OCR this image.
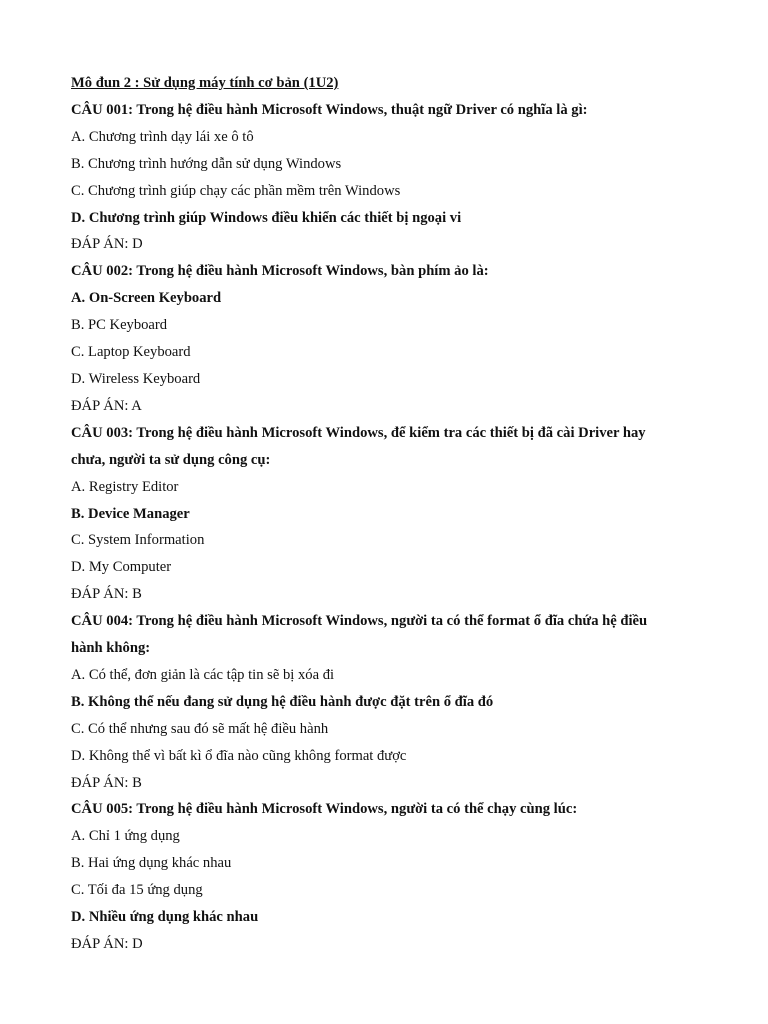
Mô đun 2 : Sử dụng máy tính cơ bản (1U2)
CÂU 001: Trong hệ điều hành Microsoft Windows, thuật ngữ Driver có nghĩa là gì:
A. Chương trình dạy lái xe ô tô
B. Chương trình hướng dẫn sử dụng Windows
C. Chương trình giúp chạy các phần mềm trên Windows
D. Chương trình giúp Windows điều khiển các thiết bị ngoại vi
ĐÁP ÁN: D
CÂU 002: Trong hệ điều hành Microsoft Windows, bàn phím ảo là:
A. On-Screen Keyboard
B. PC Keyboard
C. Laptop Keyboard
D. Wireless Keyboard
ĐÁP ÁN: A
CÂU 003: Trong hệ điều hành Microsoft Windows, để kiểm tra các thiết bị đã cài Driver hay
chưa, người ta sử dụng công cụ:
A. Registry Editor
B. Device Manager
C. System Information
D. My Computer
ĐÁP ÁN: B
CÂU 004: Trong hệ điều hành Microsoft Windows, người ta có thể format ổ đĩa chứa hệ điều
hành không:
A. Có thể, đơn giản là các tập tin sẽ bị xóa đi
B. Không thể nếu đang sử dụng hệ điều hành được đặt trên ổ đĩa đó
C. Có thể nhưng sau đó sẽ mất hệ điều hành
D. Không thể vì bất kì ổ đĩa nào cũng không format được
ĐÁP ÁN: B
CÂU 005: Trong hệ điều hành Microsoft Windows, người ta có thể chạy cùng lúc:
A. Chỉ 1 ứng dụng
B. Hai ứng dụng khác nhau
C. Tối đa 15 ứng dụng
D. Nhiều ứng dụng khác nhau
ĐÁP ÁN: D
